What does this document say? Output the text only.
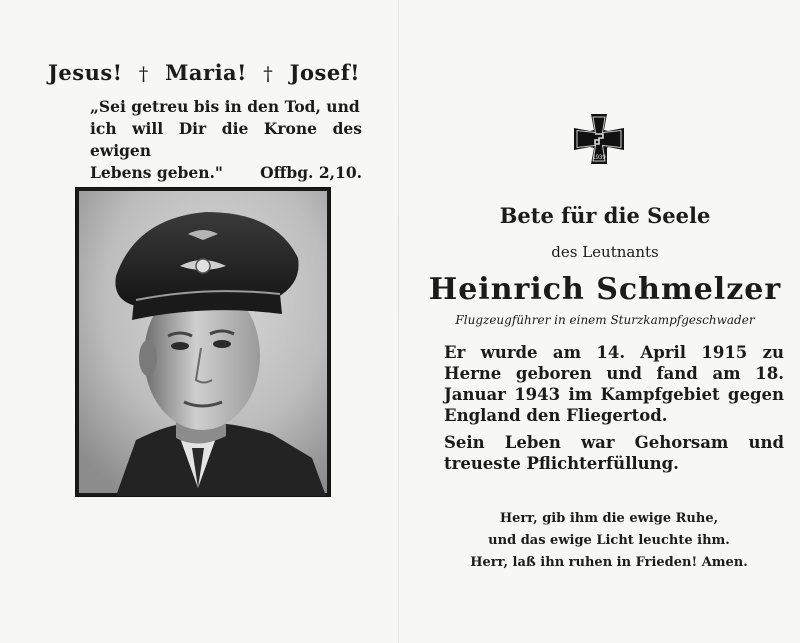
Jesus! † Maria! † Josef!
„Sei getreu bis in den Tod, und
ich will Dir die Krone des ewigen
Lebens geben." Offbg. 2,10.
1939
Bete für die Seele
des Leutnants
Heinrich Schmelzer
Flugzeugführer in einem Sturzkampfgeschwader

Er wurde am 14. April 1915 zu Herne geboren und fand am 18. Januar 1943 im Kampfgebiet gegen England den Fliegertod.

Sein Leben war Gehorsam und treueste Pflichterfüllung.

Herr, gib ihm die ewige Ruhe,
und das ewige Licht leuchte ihm.
Herr, laß ihn ruhen in Frieden! Amen.
